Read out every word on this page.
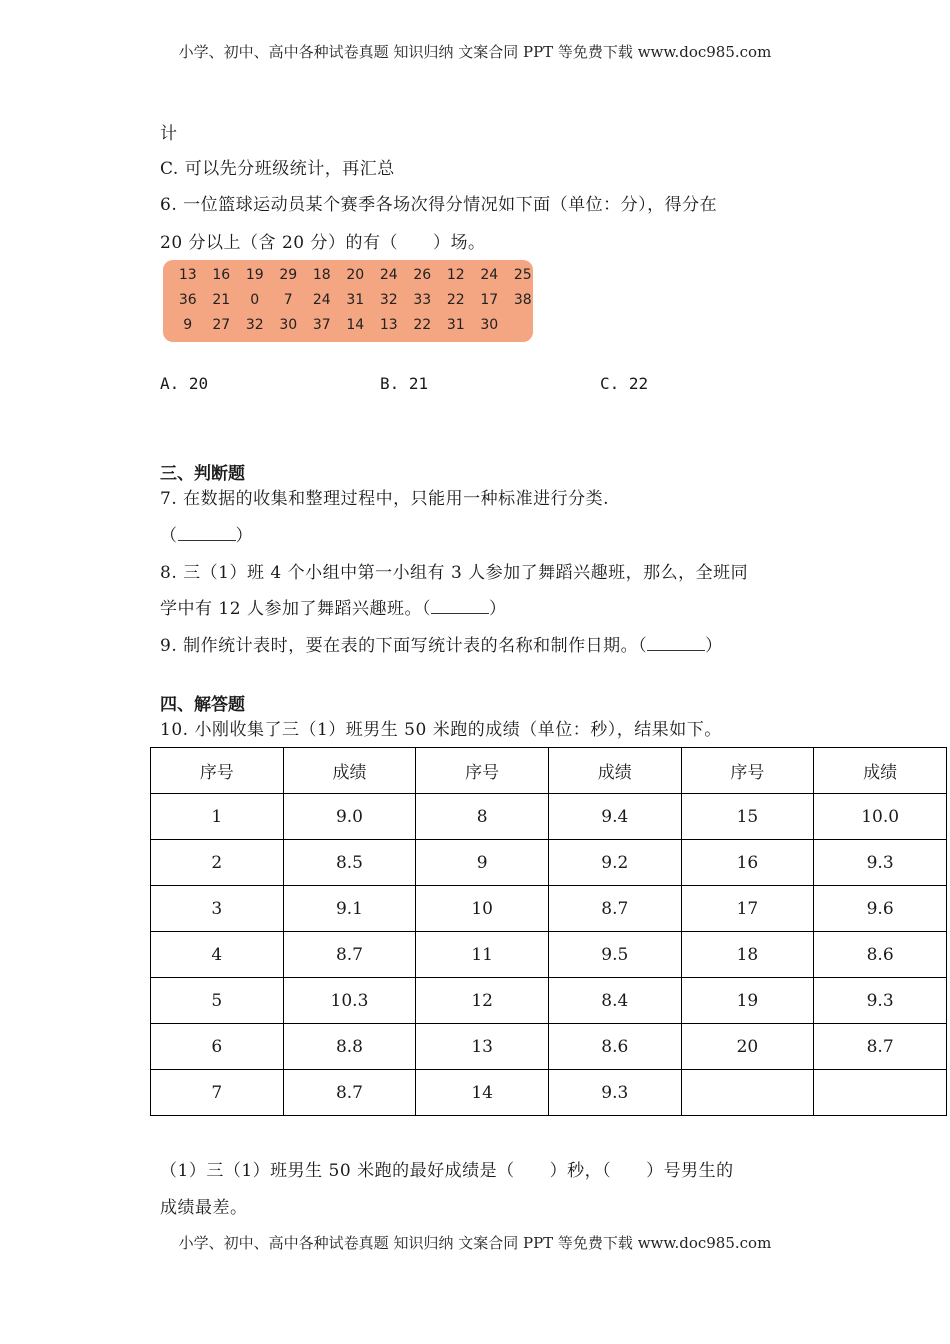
小学、初中、高中各种试卷真题 知识归纳 文案合同 PPT 等免费下载 www.doc985.com
计
C. 可以先分班级统计，再汇总
6. 一位篮球运动员某个赛季各场次得分情况如下面（单位：分），得分在
20 分以上（含 20 分）的有（　　）场。
13	16	19	29	18	20	24	26	12	24	25
36	21	0	7	24	31	32	33	22	17	38
9	27	32	30	37	14	13	22	31	30
A. 20	B. 21	C. 22
三、判断题
7. 在数据的收集和整理过程中，只能用一种标准进行分类.
（	）
8. 三（1）班 4 个小组中第一小组有 3 人参加了舞蹈兴趣班，那么，全班同
学中有 12 人参加了舞蹈兴趣班。（	）
9. 制作统计表时，要在表的下面写统计表的名称和制作日期。（	）
四、解答题
10. 小刚收集了三（1）班男生 50 米跑的成绩（单位：秒），结果如下。
序号	成绩	序号	成绩	序号	成绩
1	9.0	8	9.4	15	10.0
2	8.5	9	9.2	16	9.3
3	9.1	10	8.7	17	9.6
4	8.7	11	9.5	18	8.6
5	10.3	12	8.4	19	9.3
6	8.8	13	8.6	20	8.7
7	8.7	14	9.3		
（1）三（1）班男生 50 米跑的最好成绩是（　　）秒，（　　）号男生的
成绩最差。
小学、初中、高中各种试卷真题 知识归纳 文案合同 PPT 等免费下载 www.doc985.com
